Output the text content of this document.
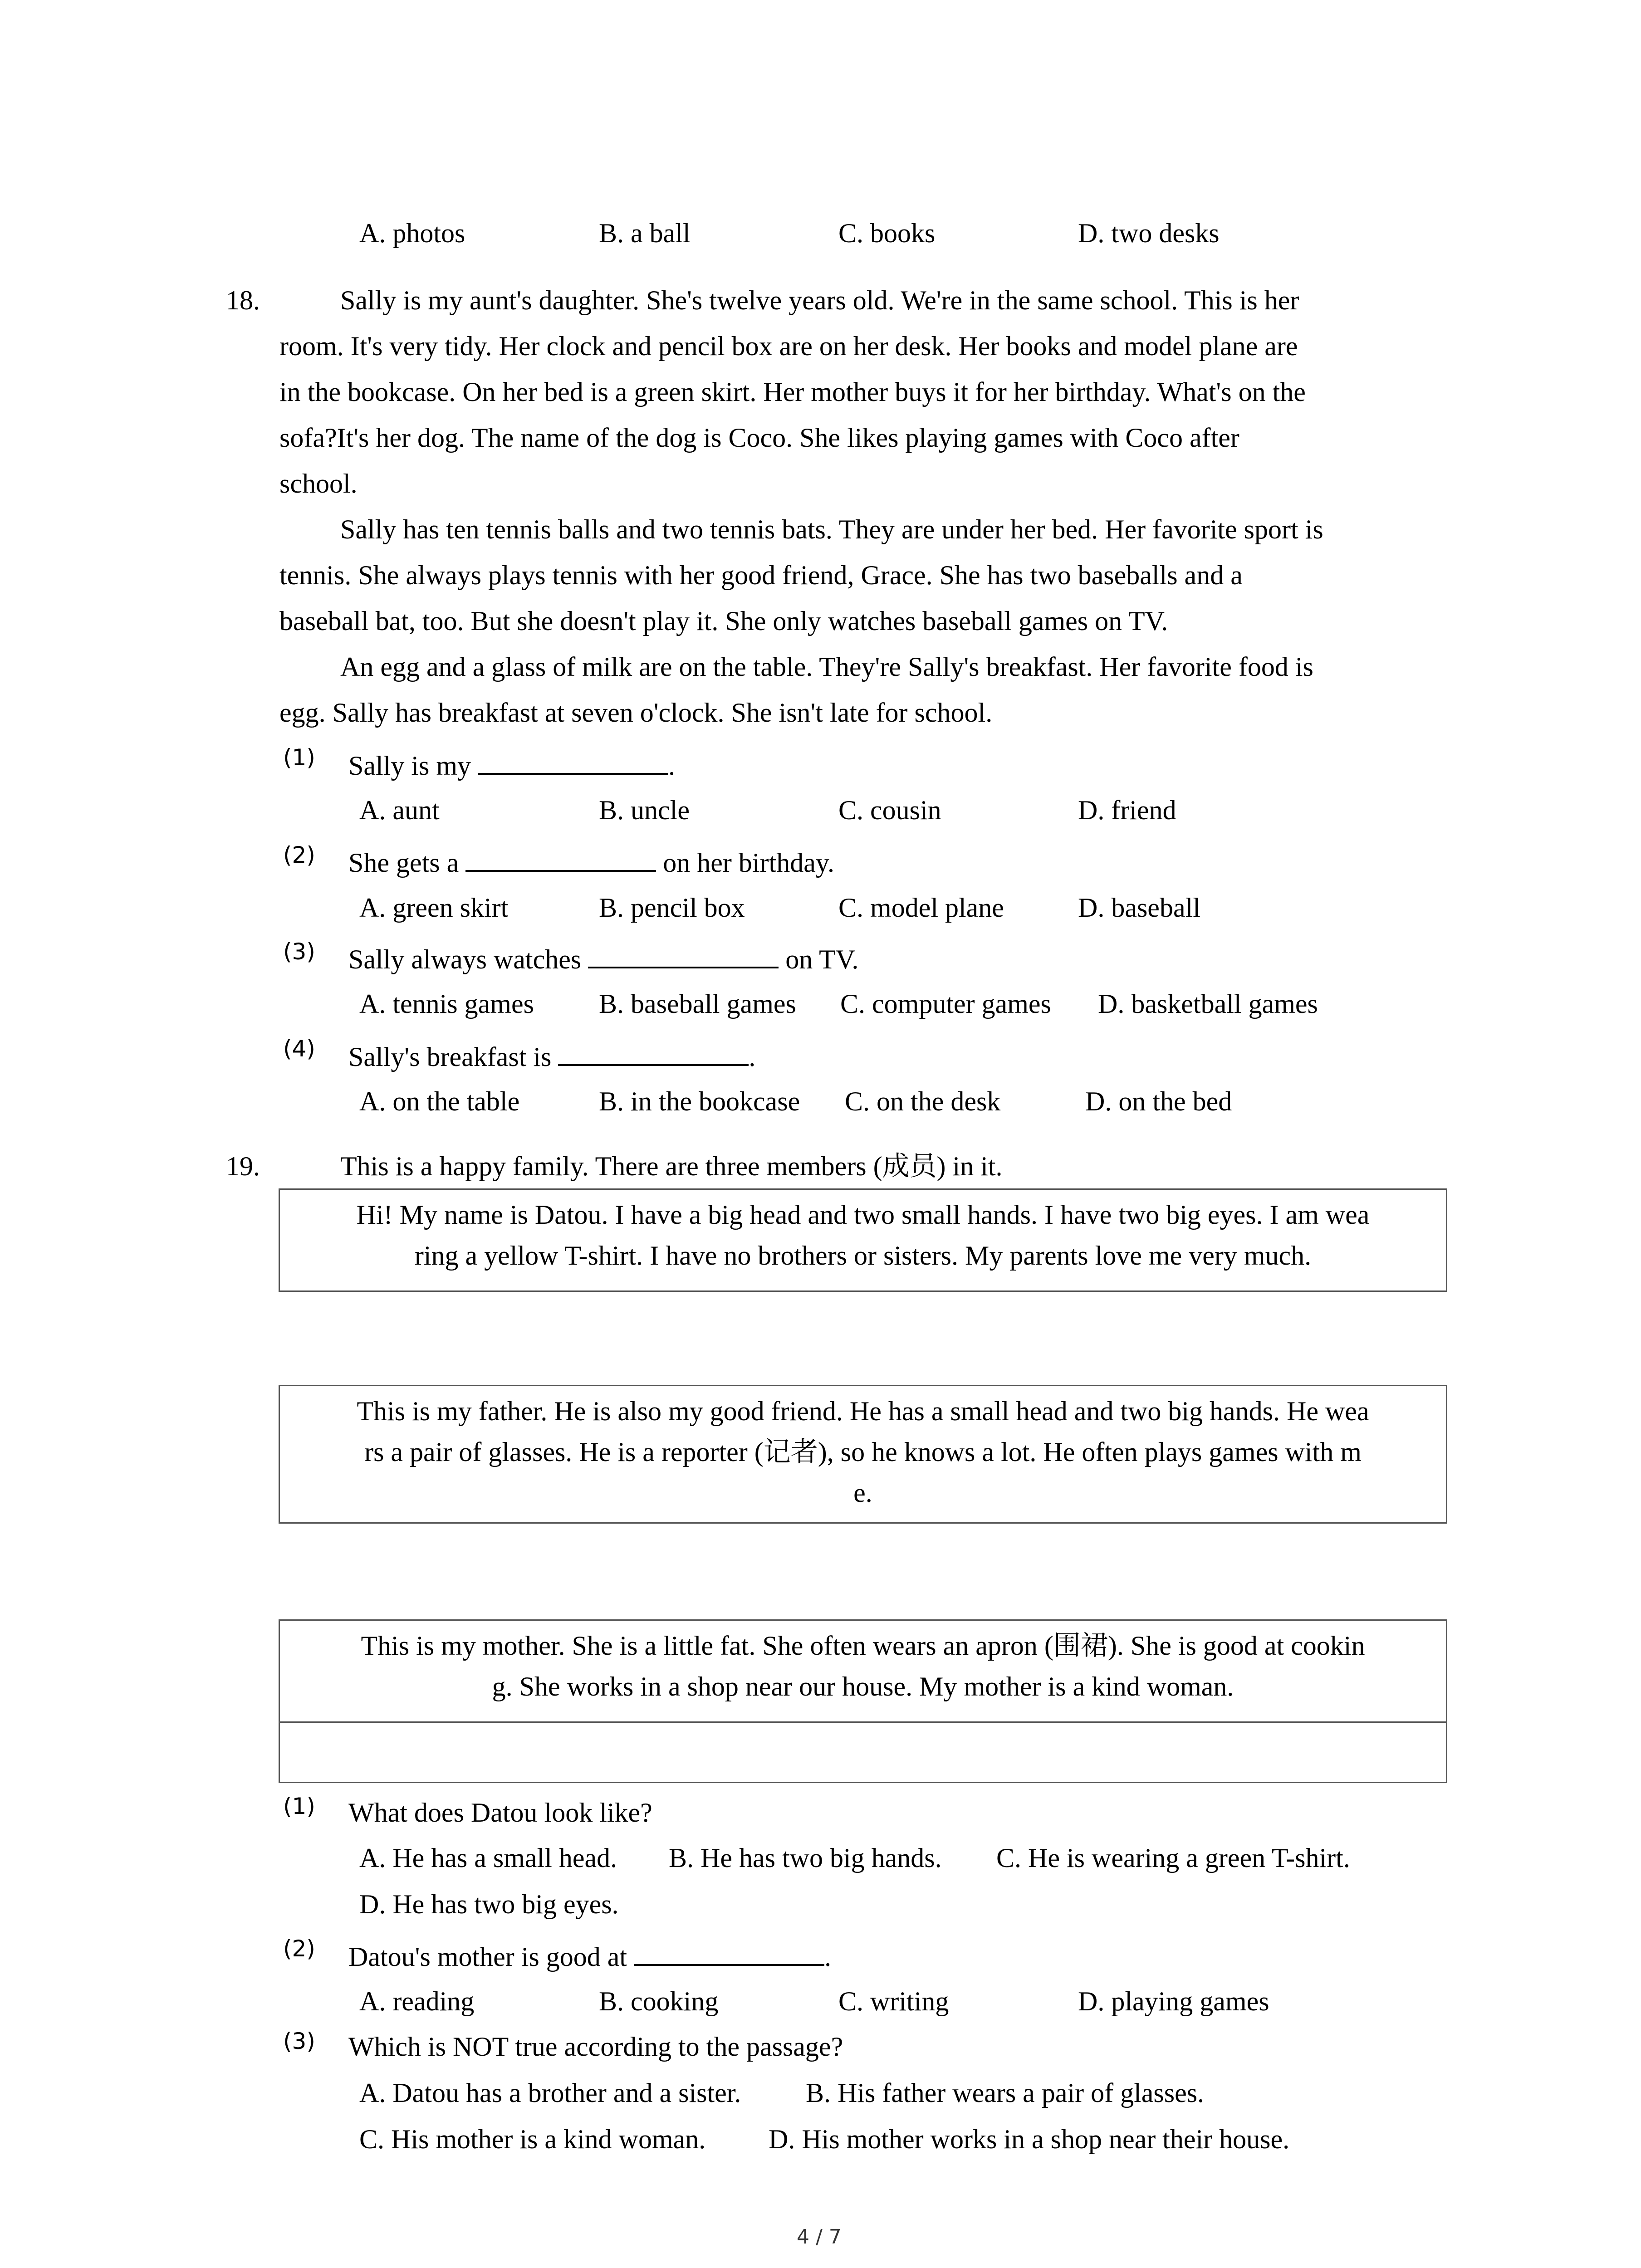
A. photos	B. a ball	C. books	D. two desks
18.	Sally is my aunt's daughter. She's twelve years old. We're in the same school. This is her
room. It's very tidy. Her clock and pencil box are on her desk. Her books and model plane are
in the bookcase. On her bed is a green skirt. Her mother buys it for her birthday. What's on the
sofa?It's her dog. The name of the dog is Coco. She likes playing games with Coco after
school.
Sally has ten tennis balls and two tennis bats. They are under her bed. Her favorite sport is
tennis. She always plays tennis with her good friend, Grace. She has two baseballs and a
baseball bat, too. But she doesn't play it. She only watches baseball games on TV.
An egg and a glass of milk are on the table. They're Sally's breakfast. Her favorite food is
egg. Sally has breakfast at seven o'clock. She isn't late for school.
(1) Sally is my	.
A. aunt	B. uncle	C. cousin	D. friend
(2) She gets a	on her birthday.
A. green skirt	B. pencil box	C. model plane	D. baseball
(3) Sally always watches	on TV.
A. tennis games B. baseball games C. computer games D. basketball games
(4) Sally's breakfast is	.
A. on the table	B. in the bookcase C. on the desk	D. on the bed
19.	This is a happy family. There are three members (成员) in it.
Hi! My name is Datou. I have a big head and two small hands. I have two big eyes. I am wea
ring a yellow T-shirt. I have no brothers or sisters. My parents love me very much.
This is my father. He is also my good friend. He has a small head and two big hands. He wea
rs a pair of glasses. He is a reporter (记者), so he knows a lot. He often plays games with m
e.
This is my mother. She is a little fat. She often wears an apron (围裙). She is good at cookin
g. She works in a shop near our house. My mother is a kind woman.
(1) What does Datou look like?
A. He has a small head. B. He has two big hands. C. He is wearing a green T-shirt.
D. He has two big eyes.
(2) Datou's mother is good at	.
A. reading	B. cooking	C. writing	D. playing games
(3) Which is NOT true according to the passage?
A. Datou has a brother and a sister. B. His father wears a pair of glasses.
C. His mother is a kind woman. D. His mother works in a shop near their house.
4 / 7
